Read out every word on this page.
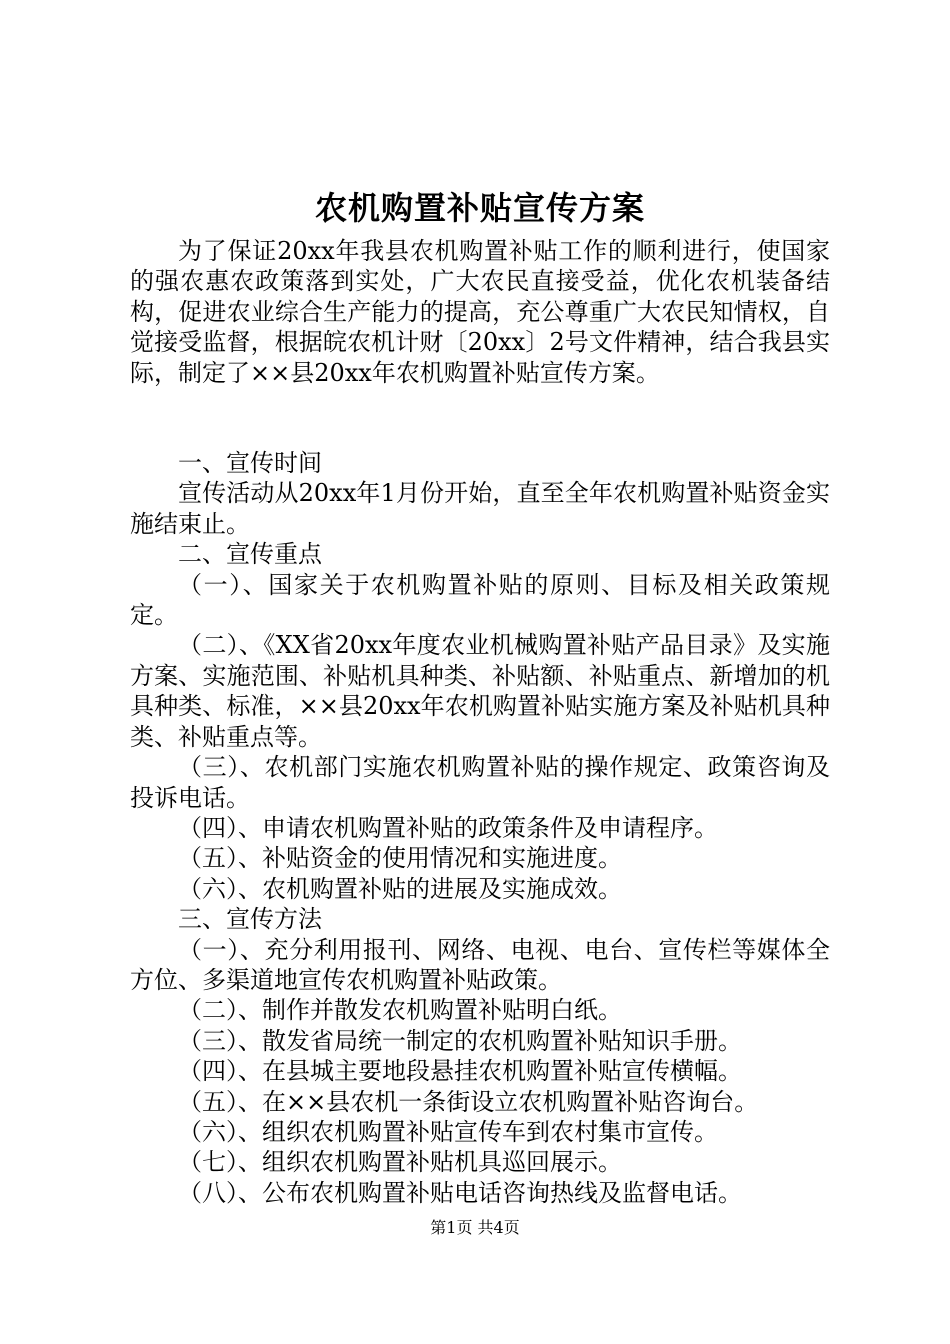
农机购置补贴宣传方案

为了保证20xx年我县农机购置补贴工作的顺利进行，使国家的强农惠农政策落到实处，广大农民直接受益，优化农机装备结构，促进农业综合生产能力的提高，充公尊重广大农民知情权，自觉接受监督，根据皖农机计财〔20xx〕2号文件精神，结合我县实际，制定了××县20xx年农机购置补贴宣传方案。

一、宣传时间

宣传活动从20xx年1月份开始，直至全年农机购置补贴资金实施结束止。

二、宣传重点

（一）、国家关于农机购置补贴的原则、目标及相关政策规定。

（二）、《XX省20xx年度农业机械购置补贴产品目录》及实施方案、实施范围、补贴机具种类、补贴额、补贴重点、新增加的机具种类、标准，××县20xx年农机购置补贴实施方案及补贴机具种类、补贴重点等。

（三）、农机部门实施农机购置补贴的操作规定、政策咨询及投诉电话。

（四）、申请农机购置补贴的政策条件及申请程序。

（五）、补贴资金的使用情况和实施进度。

（六）、农机购置补贴的进展及实施成效。

三、宣传方法

（一）、充分利用报刊、网络、电视、电台、宣传栏等媒体全方位、多渠道地宣传农机购置补贴政策。

（二）、制作并散发农机购置补贴明白纸。

（三）、散发省局统一制定的农机购置补贴知识手册。

（四）、在县城主要地段悬挂农机购置补贴宣传横幅。

（五）、在××县农机一条街设立农机购置补贴咨询台。

（六）、组织农机购置补贴宣传车到农村集市宣传。

（七）、组织农机购置补贴机具巡回展示。

（八）、公布农机购置补贴电话咨询热线及监督电话。

第1页 共4页
